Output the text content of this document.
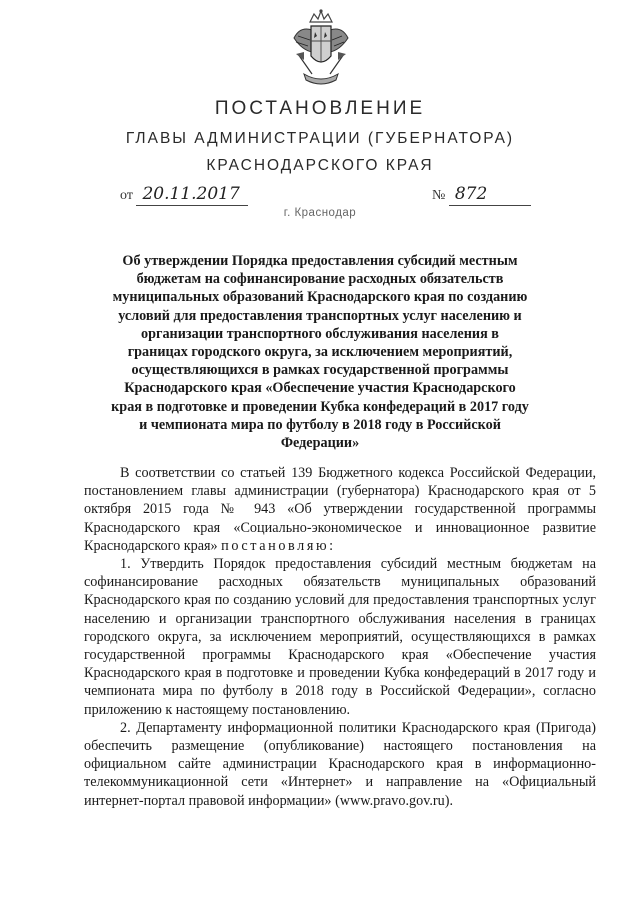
ПОСТАНОВЛЕНИЕ
ГЛАВЫ АДМИНИСТРАЦИИ (ГУБЕРНАТОРА)
КРАСНОДАРСКОГО КРАЯ
от 20.11.2017	№ 872
г. Краснодар
Об утверждении Порядка предоставления субсидий местным бюджетам на софинансирование расходных обязательств муниципальных образований Краснодарского края по созданию условий для предоставления транспортных услуг населению и организации транспортного обслуживания населения в границах городского округа, за исключением мероприятий, осуществляющихся в рамках государственной программы Краснодарского края «Обеспечение участия Краснодарского края в подготовке и проведении Кубка конфедераций в 2017 году и чемпионата мира по футболу в 2018 году в Российской Федерации»

В соответствии со статьей 139 Бюджетного кодекса Российской Федерации, постановлением главы администрации (губернатора) Краснодарского края от 5 октября 2015 года № 943 «Об утверждении государственной программы Краснодарского края «Социально-экономическое и инновационное развитие Краснодарского края» постановляю:

1. Утвердить Порядок предоставления субсидий местным бюджетам на софинансирование расходных обязательств муниципальных образований Краснодарского края по созданию условий для предоставления транспортных услуг населению и организации транспортного обслуживания населения в границах городского округа, за исключением мероприятий, осуществляющихся в рамках государственной программы Краснодарского края «Обеспечение участия Краснодарского края в подготовке и проведении Кубка конфедераций в 2017 году и чемпионата мира по футболу в 2018 году в Российской Федерации», согласно приложению к настоящему постановлению.

2. Департаменту информационной политики Краснодарского края (Пригода) обеспечить размещение (опубликование) настоящего постановления на официальном сайте администрации Краснодарского края в информационно-телекоммуникационной сети «Интернет» и направление на «Официальный интернет-портал правовой информации» (www.pravo.gov.ru).
